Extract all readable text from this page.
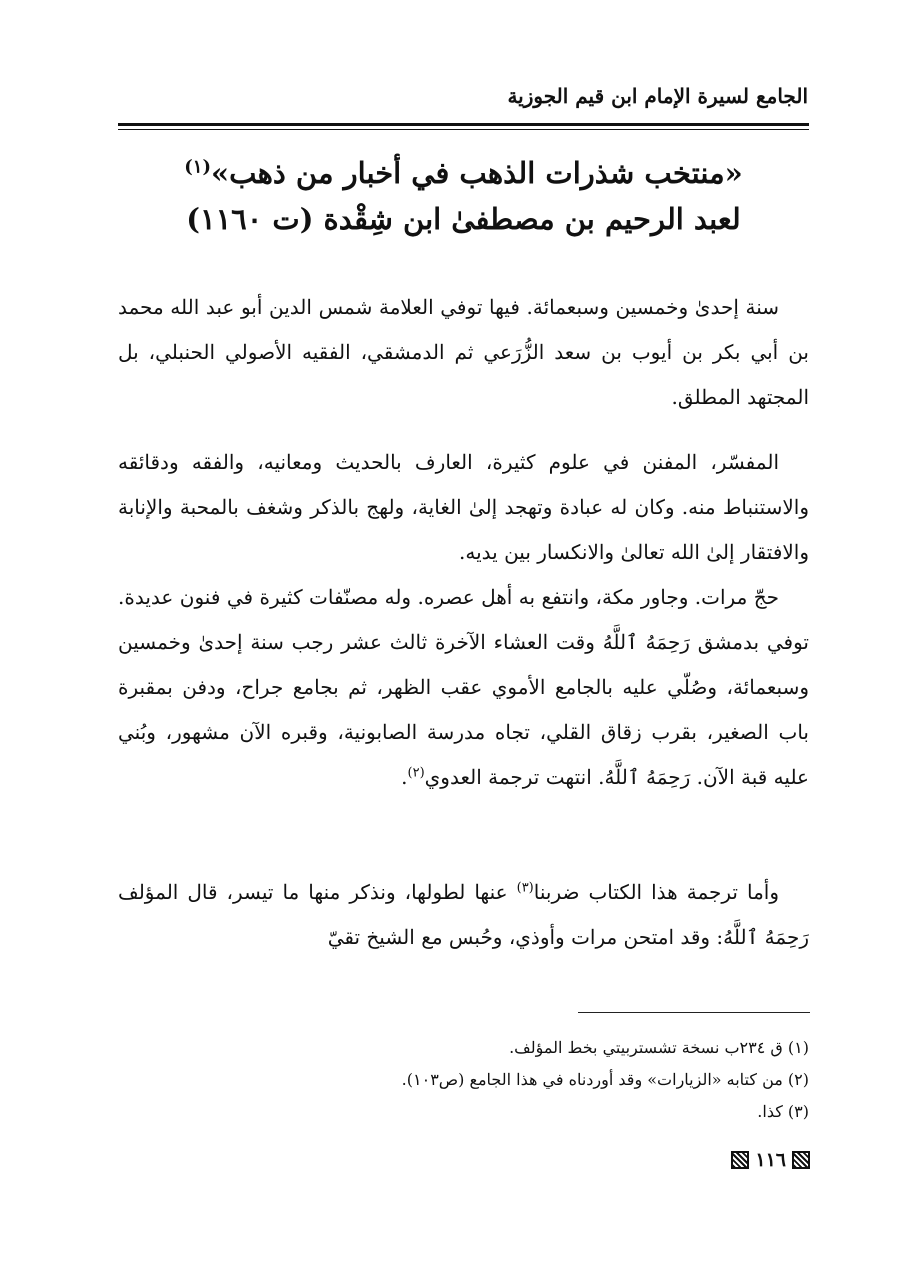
الجامع لسيرة الإمام ابن قيم الجوزية
«منتخب شذرات الذهب في أخبار من ذهب»$^{(١)}$
لعبد الرحيم بن مصطفىٰ ابن شِقْدة (ت ١١٦٠)

سنة إحدىٰ وخمسين وسبعمائة. فيها توفي العلامة شمس الدين أبو عبد الله محمد بن أبي بكر بن أيوب بن سعد الزُّرَعي ثم الدمشقي، الفقيه الأصولي الحنبلي، بل المجتهد المطلق.

المفسّر، المفنن في علوم كثيرة، العارف بالحديث ومعانيه، والفقه ودقائقه والاستنباط منه. وكان له عبادة وتهجد إلىٰ الغاية، ولهج بالذكر وشغف بالمحبة والإنابة والافتقار إلىٰ الله تعالىٰ والانكسار بين يديه.

حجّ مرات. وجاور مكة، وانتفع به أهل عصره. وله مصنّفات كثيرة في فنون عديدة. توفي بدمشق رَحِمَهُ ٱللَّهُ وقت العشاء الآخرة ثالث عشر رجب سنة إحدىٰ وخمسين وسبعمائة، وصُلّي عليه بالجامع الأموي عقب الظهر، ثم بجامع جراح، ودفن بمقبرة باب الصغير، بقرب زقاق القلي، تجاه مدرسة الصابونية، وقبره الآن مشهور، وبُني عليه قبة الآن. رَحِمَهُ ٱللَّهُ. انتهت ترجمة العدوي$^{(٢)}$.

وأما ترجمة هذا الكتاب ضربنا$^{(٣)}$ عنها لطولها، ونذكر منها ما تيسر، قال المؤلف رَحِمَهُ ٱللَّهُ: وقد امتحن مرات وأوذي، وحُبس مع الشيخ تقيّ

(١) ق ٢٣٤ب نسخة تشستربيتي بخط المؤلف.
(٢) من كتابه «الزيارات» وقد أوردناه في هذا الجامع (ص١٠٣).
(٣) كذا.
١١٦
